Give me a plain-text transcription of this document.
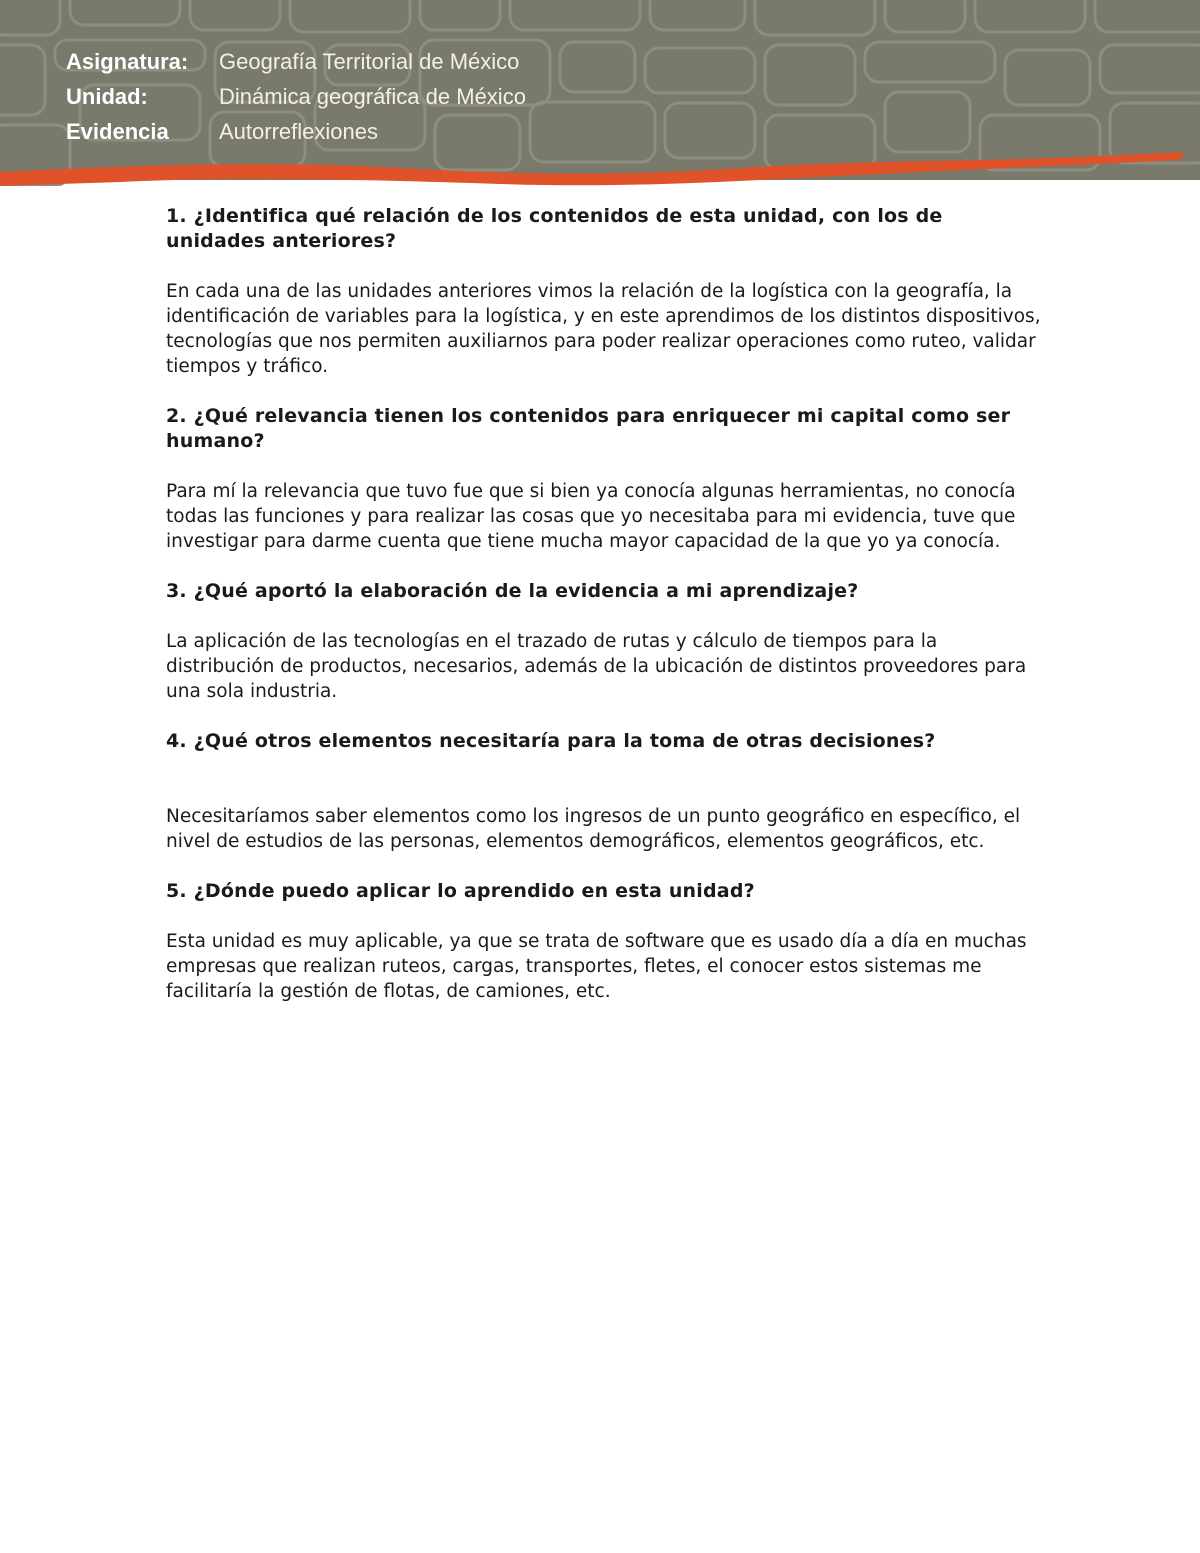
Asignatura:	Geografía Territorial de México
Unidad:	Dinámica geográfica de México
Evidencia	Autorreflexiones

1. ¿Identifica qué relación de los contenidos de esta unidad, con los de unidades anteriores?

En cada una de las unidades anteriores vimos la relación de la logística con la geografía, la identificación de variables para la logística, y en este aprendimos de los distintos dispositivos, tecnologías que nos permiten auxiliarnos para poder realizar operaciones como ruteo, validar tiempos y tráfico.

2. ¿Qué relevancia tienen los contenidos para enriquecer mi capital como ser humano?

Para mí la relevancia que tuvo fue que si bien ya conocía algunas herramientas, no conocía todas las funciones y para realizar las cosas que yo necesitaba para mi evidencia, tuve que investigar para darme cuenta que tiene mucha mayor capacidad de la que yo ya conocía.

3. ¿Qué aportó la elaboración de la evidencia a mi aprendizaje?

La aplicación de las tecnologías en el trazado de rutas y cálculo de tiempos para la distribución de productos, necesarios, además de la ubicación de distintos proveedores para una sola industria.

4. ¿Qué otros elementos necesitaría para la toma de otras decisiones?

Necesitaríamos saber elementos como los ingresos de un punto geográfico en específico, el nivel de estudios de las personas, elementos demográficos, elementos geográficos, etc.

5. ¿Dónde puedo aplicar lo aprendido en esta unidad?

Esta unidad es muy aplicable, ya que se trata de software que es usado día a día en muchas empresas que realizan ruteos, cargas, transportes, fletes, el conocer estos sistemas me facilitaría la gestión de flotas, de camiones, etc.
